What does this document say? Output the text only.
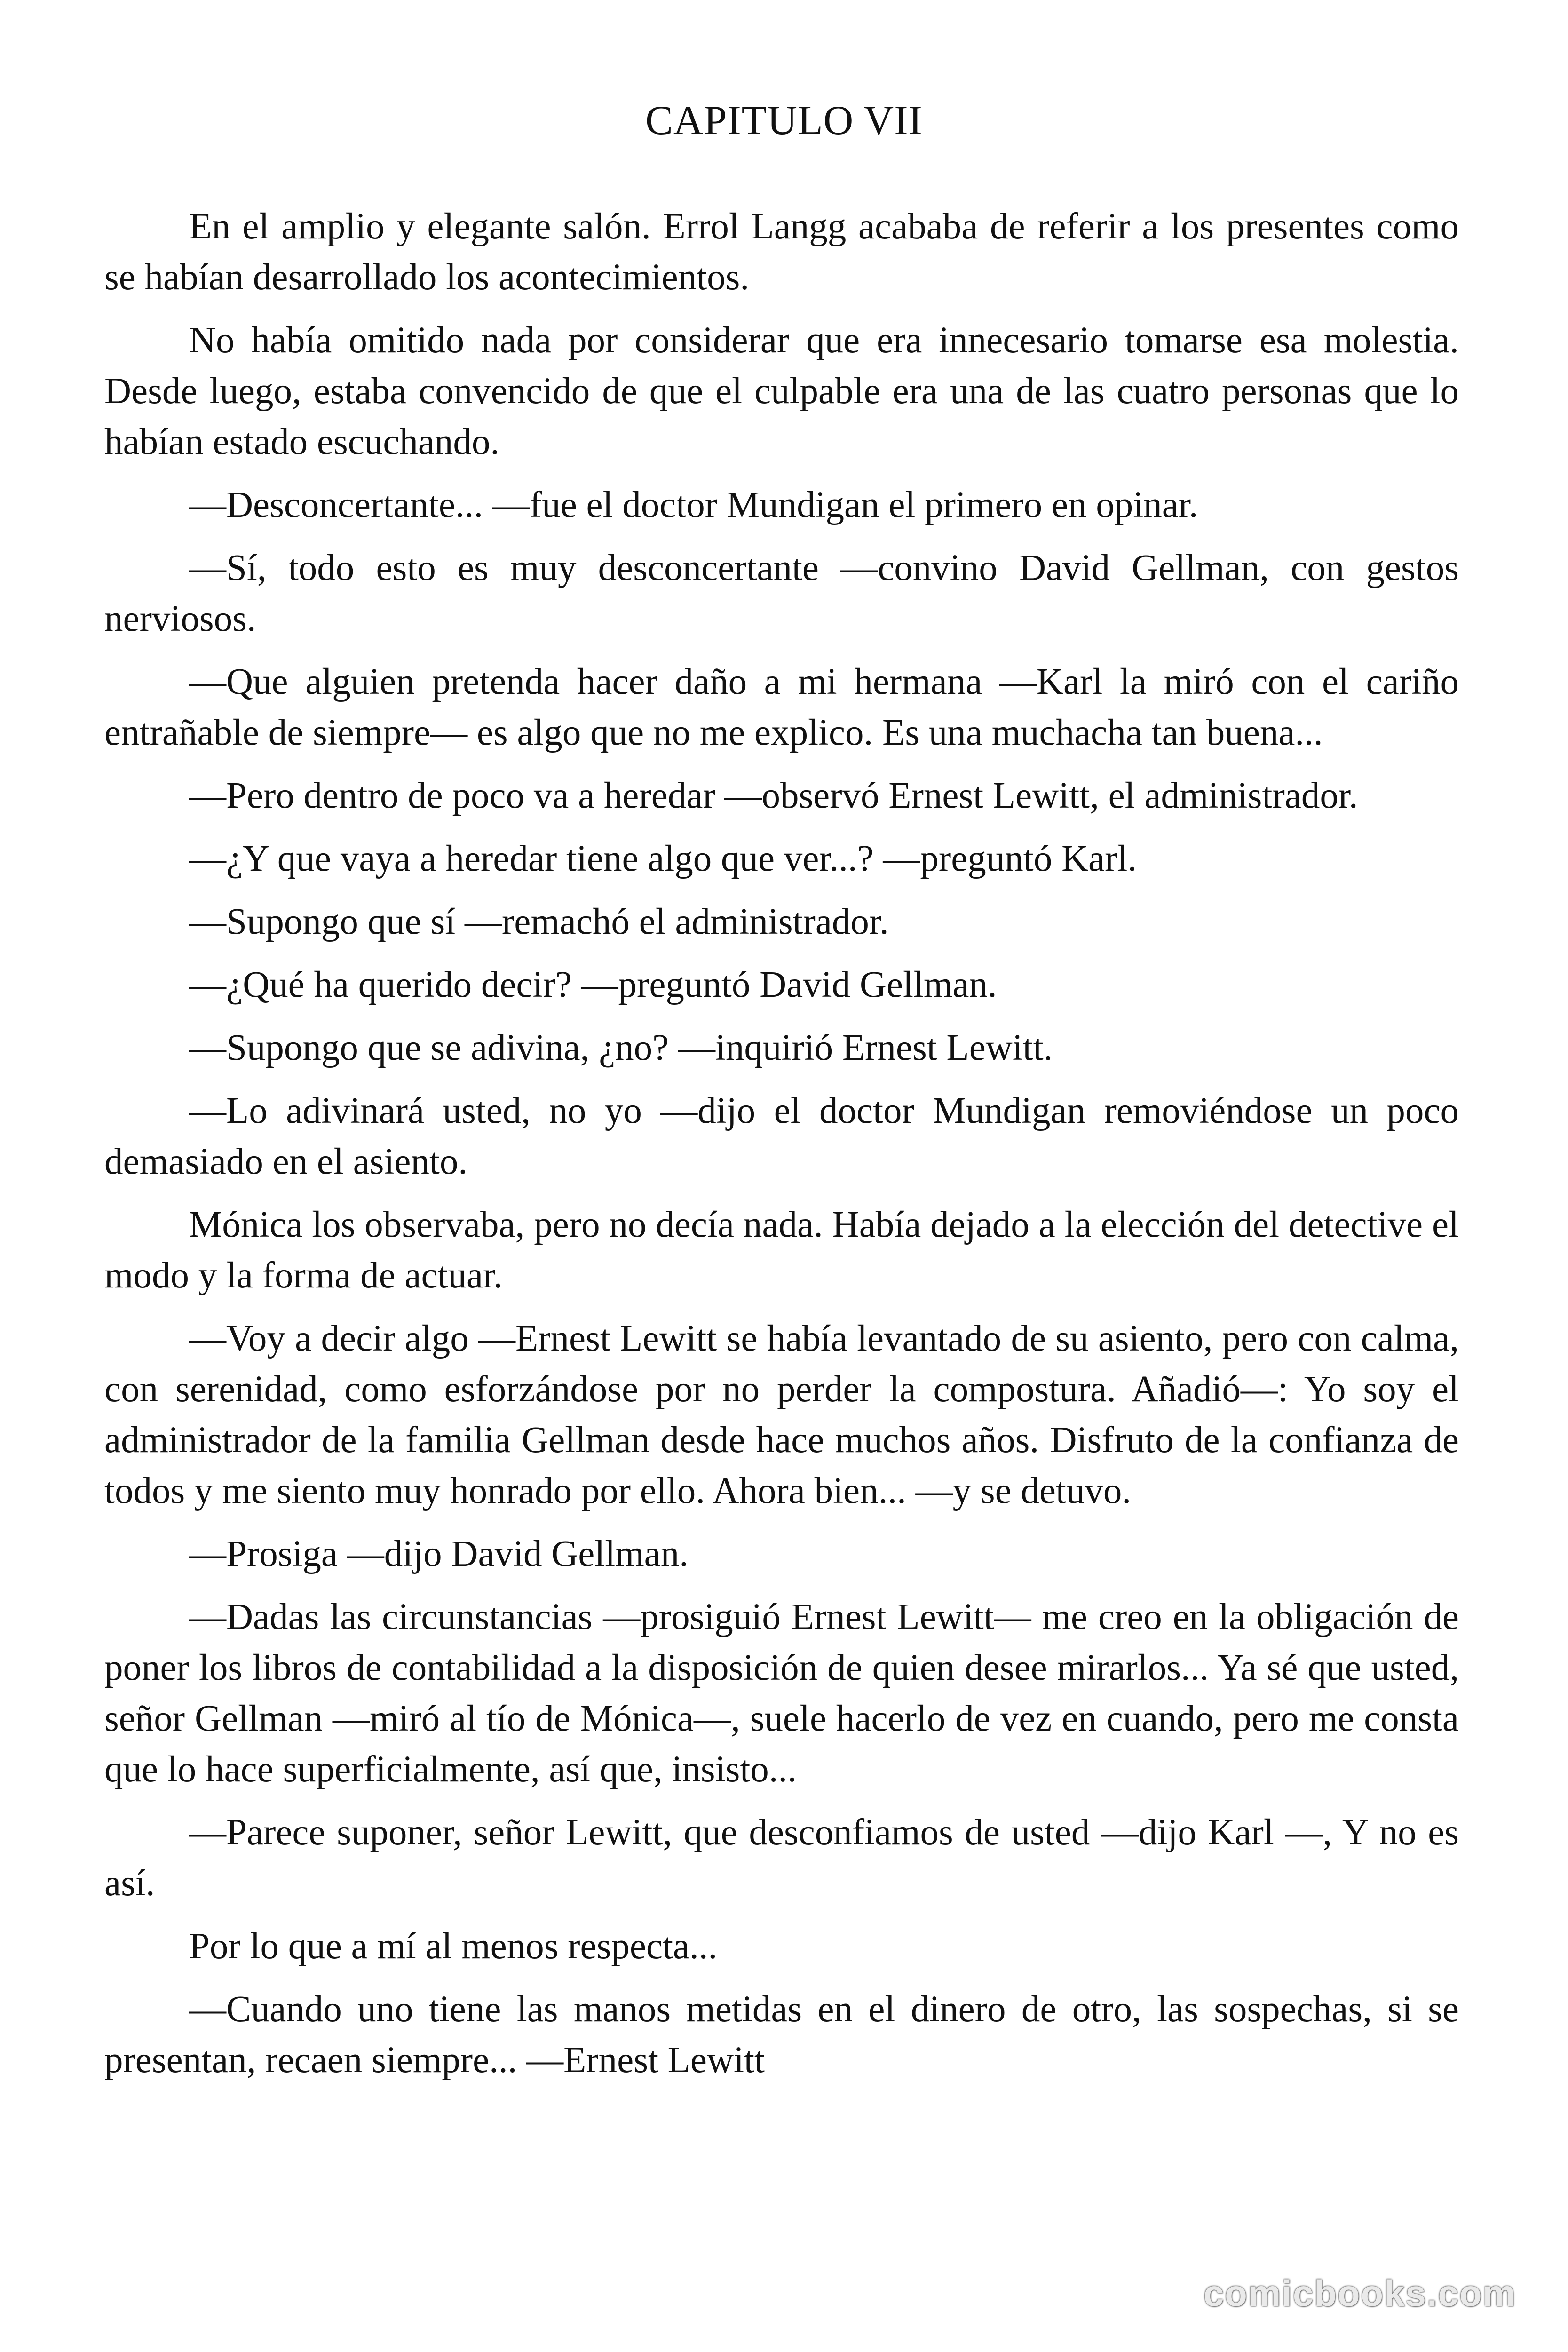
CAPITULO VII

En el amplio y elegante salón. Errol Langg acababa de referir a los presentes como se habían desarrollado los acontecimientos.

No había omitido nada por considerar que era innecesario tomarse esa molestia. Desde luego, estaba convencido de que el culpable era una de las cuatro personas que lo habían estado escuchando.

—Desconcertante... —fue el doctor Mundigan el primero en opinar.

—Sí, todo esto es muy desconcertante —convino David Gellman, con gestos nerviosos.

—Que alguien pretenda hacer daño a mi hermana —Karl la miró con el cariño entrañable de siempre— es algo que no me explico. Es una muchacha tan buena...

—Pero dentro de poco va a heredar —observó Ernest Lewitt, el administrador.

—¿Y que vaya a heredar tiene algo que ver...? —preguntó Karl.

—Supongo que sí —remachó el administrador.

—¿Qué ha querido decir? —preguntó David Gellman.

—Supongo que se adivina, ¿no? —inquirió Ernest Lewitt.

—Lo adivinará usted, no yo —dijo el doctor Mundigan removiéndose un poco demasiado en el asiento.

Mónica los observaba, pero no decía nada. Había dejado a la elección del detective el modo y la forma de actuar.

—Voy a decir algo —Ernest Lewitt se había levantado de su asiento, pero con calma, con serenidad, como esforzándose por no perder la compostura. Añadió—: Yo soy el administrador de la familia Gellman desde hace muchos años. Disfruto de la confianza de todos y me siento muy honrado por ello. Ahora bien... —y se detuvo.

—Prosiga —dijo David Gellman.

—Dadas las circunstancias —prosiguió Ernest Lewitt— me creo en la obligación de poner los libros de contabilidad a la disposición de quien desee mirarlos... Ya sé que usted, señor Gellman —miró al tío de Mónica—, suele hacerlo de vez en cuando, pero me consta que lo hace superficialmente, así que, insisto...

—Parece suponer, señor Lewitt, que desconfiamos de usted —dijo Karl —, Y no es así.

Por lo que a mí al menos respecta...

—Cuando uno tiene las manos metidas en el dinero de otro, las sospechas, si se presentan, recaen siempre... —Ernest Lewitt

comicbooks.com
